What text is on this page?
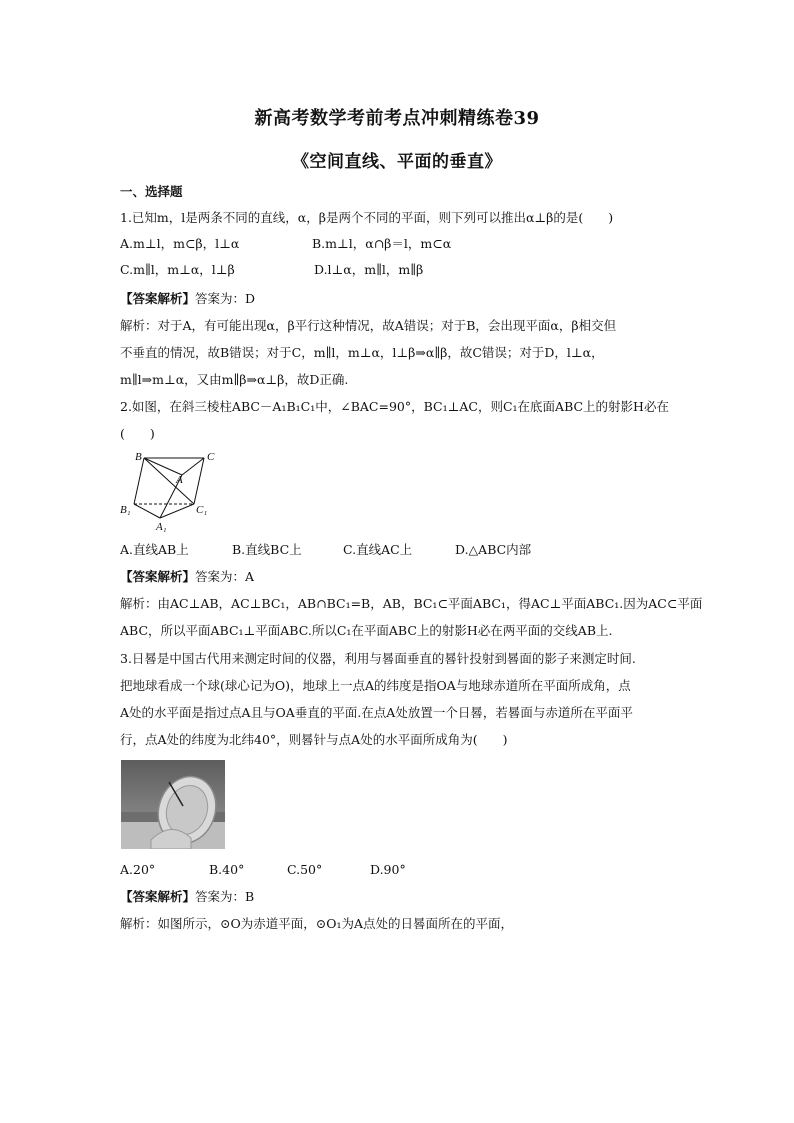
新高考数学考前考点冲刺精练卷39
《空间直线、平面的垂直》
一、选择题
1.已知m，l是两条不同的直线，α，β是两个不同的平面，则下列可以推出α⊥β的是(　　)
A.m⊥l，m⊂β，l⊥α	B.m⊥l，α∩β＝l，m⊂α
C.m∥l，m⊥α，l⊥β	D.l⊥α，m∥l，m∥β
【答案解析】答案为：D
解析：对于A，有可能出现α，β平行这种情况，故A错误；对于B，会出现平面α，β相交但
不垂直的情况，故B错误；对于C，m∥l，m⊥α，l⊥β⇒α∥β，故C错误；对于D，l⊥α，
m∥l⇒m⊥α，又由m∥β⇒α⊥β，故D正确.
2.如图，在斜三棱柱ABC－A₁B₁C₁中，∠BAC=90°，BC₁⊥AC，则C₁在底面ABC上的射影H必在
(　　)
B	C
A
B₁	C₁
A₁
A.直线AB上	B.直线BC上	C.直线AC上	D.△ABC内部
【答案解析】答案为：A
解析：由AC⊥AB，AC⊥BC₁，AB∩BC₁=B，AB，BC₁⊂平面ABC₁，得AC⊥平面ABC₁.因为AC⊂平面
ABC，所以平面ABC₁⊥平面ABC.所以C₁在平面ABC上的射影H必在两平面的交线AB上.
3.日晷是中国古代用来测定时间的仪器，利用与晷面垂直的晷针投射到晷面的影子来测定时间.
把地球看成一个球(球心记为O)，地球上一点A的纬度是指OA与地球赤道所在平面所成角，点
A处的水平面是指过点A且与OA垂直的平面.在点A处放置一个日晷，若晷面与赤道所在平面平
行，点A处的纬度为北纬40°，则晷针与点A处的水平面所成角为(　　)
A.20°	B.40°	C.50°	D.90°
【答案解析】答案为：B
解析：如图所示，⊙O为赤道平面，⊙O₁为A点处的日晷面所在的平面，
